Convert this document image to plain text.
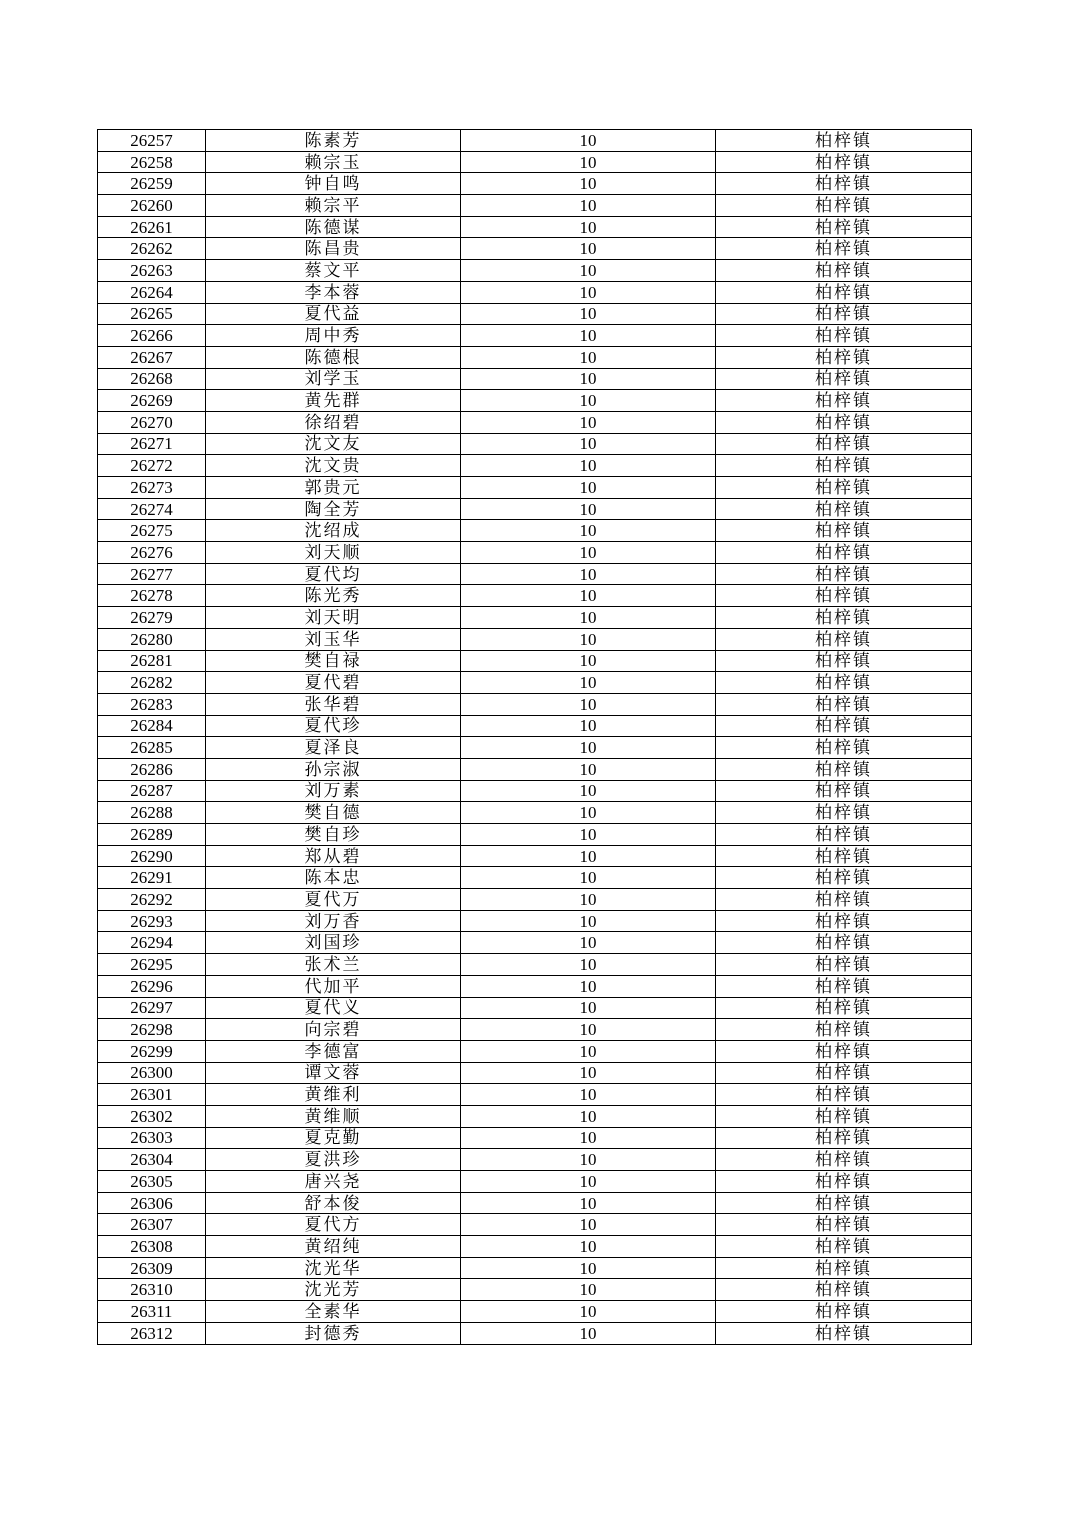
26257	陈素芳	10	柏梓镇
26258	赖宗玉	10	柏梓镇
26259	钟自鸣	10	柏梓镇
26260	赖宗平	10	柏梓镇
26261	陈德谋	10	柏梓镇
26262	陈昌贵	10	柏梓镇
26263	蔡文平	10	柏梓镇
26264	李本蓉	10	柏梓镇
26265	夏代益	10	柏梓镇
26266	周中秀	10	柏梓镇
26267	陈德根	10	柏梓镇
26268	刘学玉	10	柏梓镇
26269	黄先群	10	柏梓镇
26270	徐绍碧	10	柏梓镇
26271	沈文友	10	柏梓镇
26272	沈文贵	10	柏梓镇
26273	郭贵元	10	柏梓镇
26274	陶全芳	10	柏梓镇
26275	沈绍成	10	柏梓镇
26276	刘天顺	10	柏梓镇
26277	夏代均	10	柏梓镇
26278	陈光秀	10	柏梓镇
26279	刘天明	10	柏梓镇
26280	刘玉华	10	柏梓镇
26281	樊自禄	10	柏梓镇
26282	夏代碧	10	柏梓镇
26283	张华碧	10	柏梓镇
26284	夏代珍	10	柏梓镇
26285	夏泽良	10	柏梓镇
26286	孙宗淑	10	柏梓镇
26287	刘万素	10	柏梓镇
26288	樊自德	10	柏梓镇
26289	樊自珍	10	柏梓镇
26290	郑从碧	10	柏梓镇
26291	陈本忠	10	柏梓镇
26292	夏代万	10	柏梓镇
26293	刘万香	10	柏梓镇
26294	刘国珍	10	柏梓镇
26295	张术兰	10	柏梓镇
26296	代加平	10	柏梓镇
26297	夏代义	10	柏梓镇
26298	向宗碧	10	柏梓镇
26299	李德富	10	柏梓镇
26300	谭文蓉	10	柏梓镇
26301	黄维利	10	柏梓镇
26302	黄维顺	10	柏梓镇
26303	夏克勤	10	柏梓镇
26304	夏洪珍	10	柏梓镇
26305	唐兴尧	10	柏梓镇
26306	舒本俊	10	柏梓镇
26307	夏代方	10	柏梓镇
26308	黄绍纯	10	柏梓镇
26309	沈光华	10	柏梓镇
26310	沈光芳	10	柏梓镇
26311	全素华	10	柏梓镇
26312	封德秀	10	柏梓镇
